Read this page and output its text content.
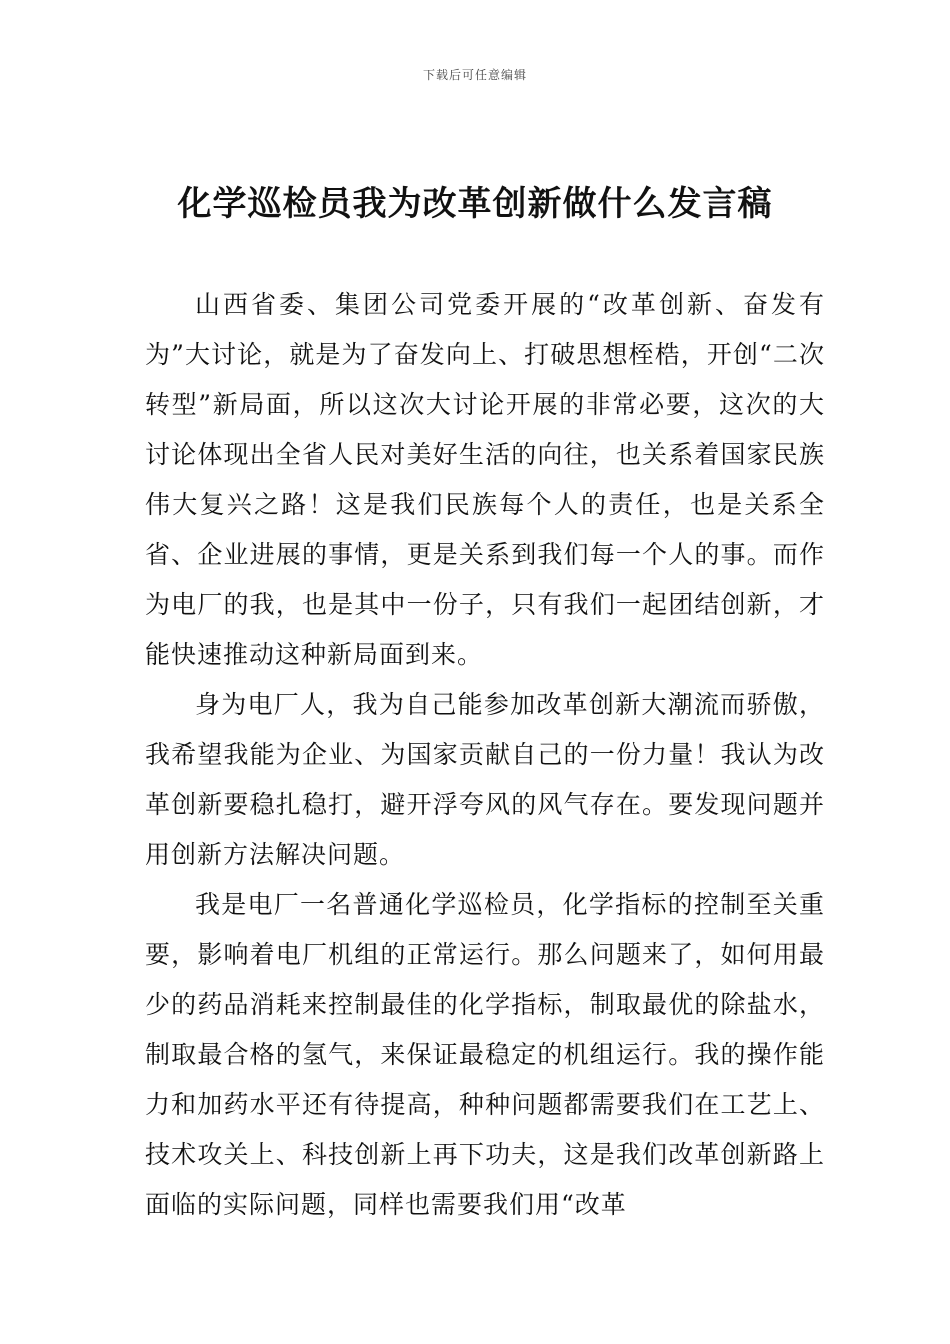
下载后可任意编辑
化学巡检员我为改革创新做什么发言稿

山西省委、集团公司党委开展的“改革创新、奋发有为”大讨论，就是为了奋发向上、打破思想桎梏，开创“二次转型”新局面，所以这次大讨论开展的非常必要，这次的大讨论体现出全省人民对美好生活的向往，也关系着国家民族伟大复兴之路！这是我们民族每个人的责任，也是关系全省、企业进展的事情，更是关系到我们每一个人的事。而作为电厂的我，也是其中一份子，只有我们一起团结创新，才能快速推动这种新局面到来。

身为电厂人，我为自己能参加改革创新大潮流而骄傲，我希望我能为企业、为国家贡献自己的一份力量！我认为改革创新要稳扎稳打，避开浮夸风的风气存在。要发现问题并用创新方法解决问题。

我是电厂一名普通化学巡检员，化学指标的控制至关重要，影响着电厂机组的正常运行。那么问题来了，如何用最少的药品消耗来控制最佳的化学指标，制取最优的除盐水，制取最合格的氢气，来保证最稳定的机组运行。我的操作能力和加药水平还有待提高，种种问题都需要我们在工艺上、技术攻关上、科技创新上再下功夫，这是我们改革创新路上面临的实际问题，同样也需要我们用“改革
